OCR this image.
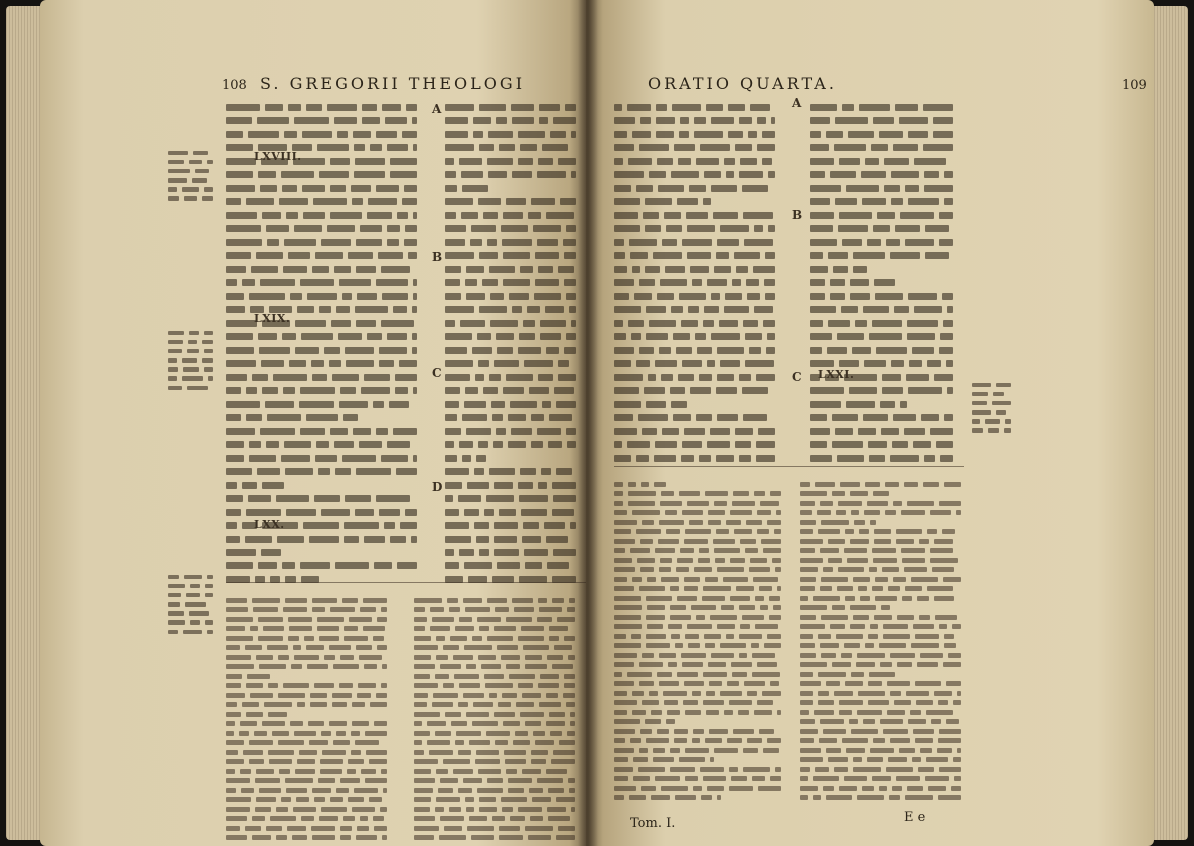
108 S. GREGORII THEOLOGI
A
B
C
D
LXVIII.
LXIX.
LXX.
ORATIO QUARTA.	109
A
B
C LXXI.
Tom. I.	E e
